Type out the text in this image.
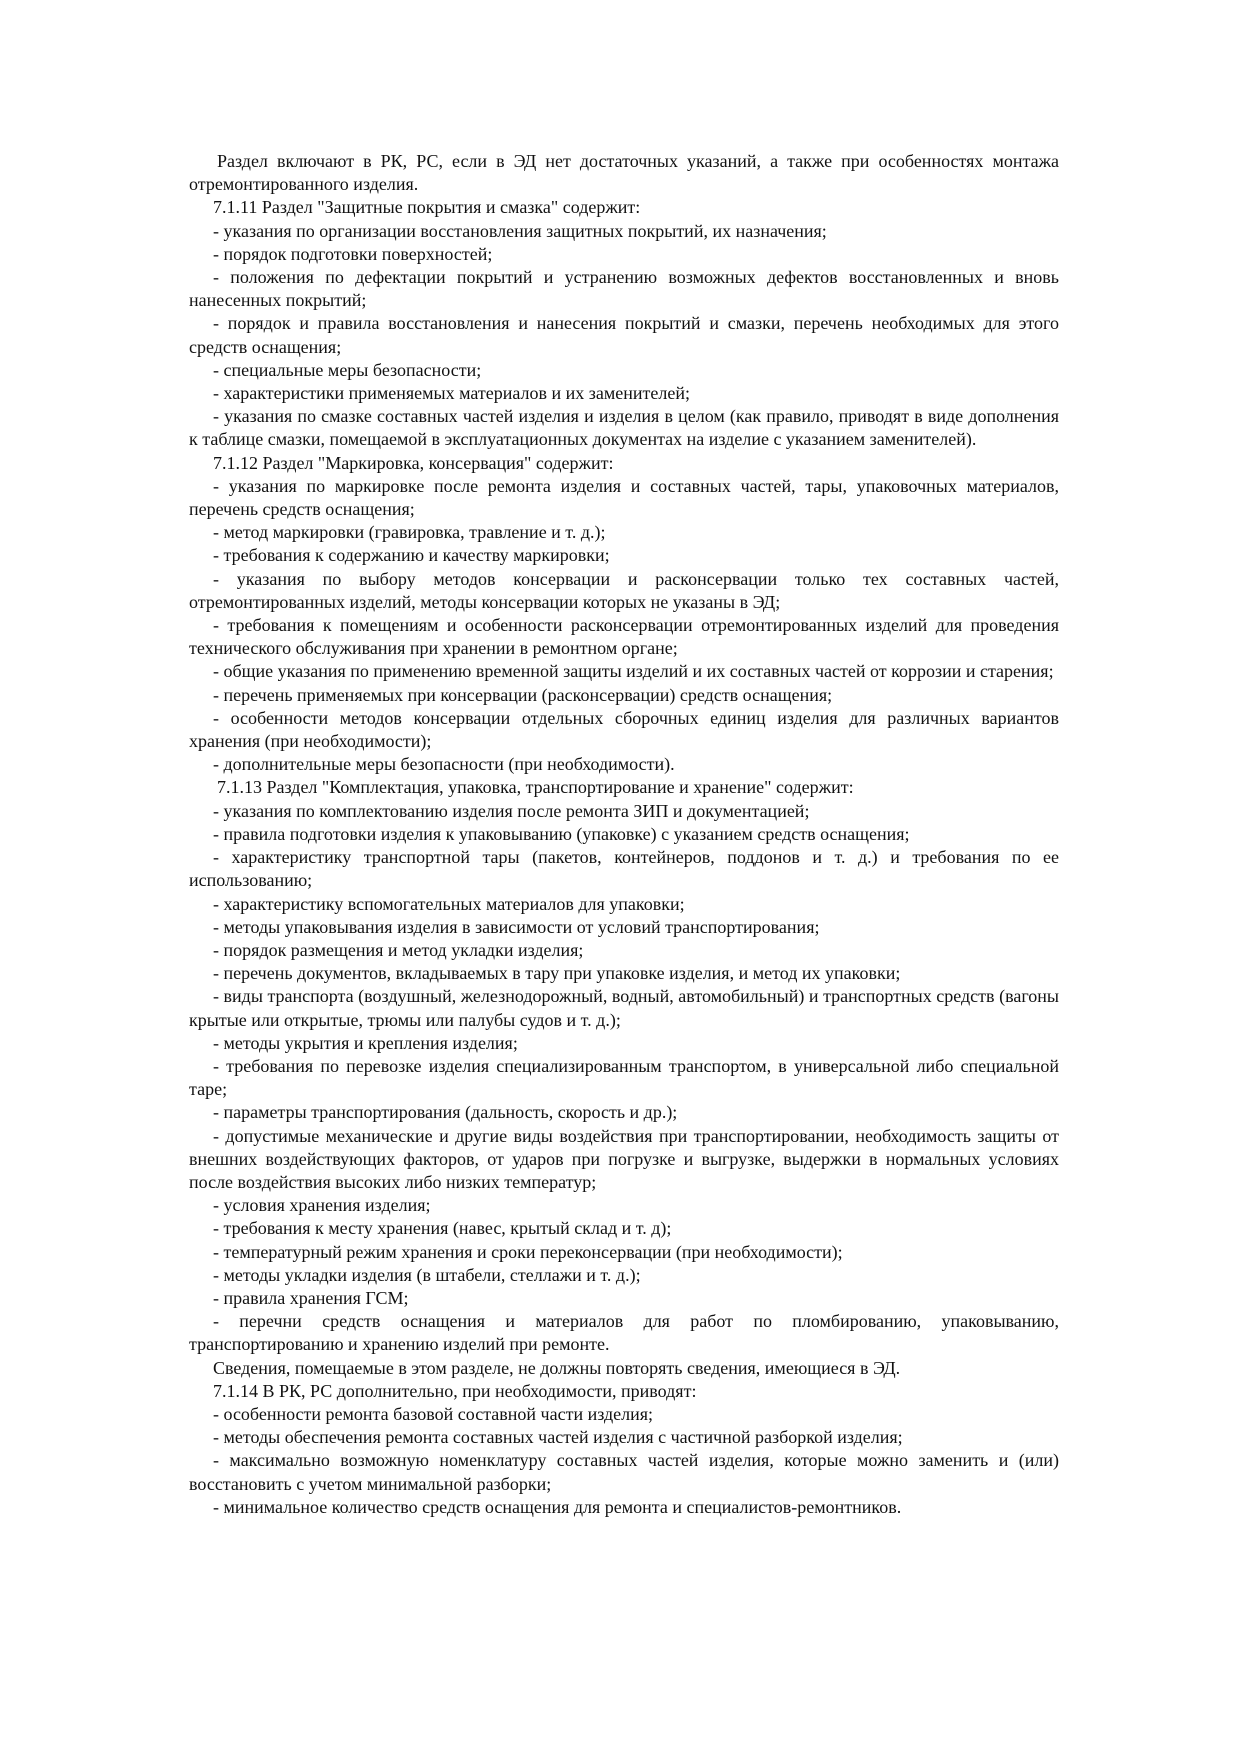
Раздел включают в РК, РС, если в ЭД нет достаточных указаний, а также при особенностях монтажа отремонтированного изделия.

7.1.11 Раздел "Защитные покрытия и смазка" содержит:

- указания по организации восстановления защитных покрытий, их назначения;

- порядок подготовки поверхностей;

- положения по дефектации покрытий и устранению возможных дефектов восстановленных и вновь нанесенных покрытий;

- порядок и правила восстановления и нанесения покрытий и смазки, перечень необходимых для этого средств оснащения;

- специальные меры безопасности;

- характеристики применяемых материалов и их заменителей;

- указания по смазке составных частей изделия и изделия в целом (как правило, приводят в виде дополнения к таблице смазки, помещаемой в эксплуатационных документах на изделие с указанием заменителей).

7.1.12 Раздел "Маркировка, консервация" содержит:

- указания по маркировке после ремонта изделия и составных частей, тары, упаковочных материалов, перечень средств оснащения;

- метод маркировки (гравировка, травление и т. д.);

- требования к содержанию и качеству маркировки;

- указания по выбору методов консервации и расконсервации только тех составных частей, отремонтированных изделий, методы консервации которых не указаны в ЭД;

- требования к помещениям и особенности расконсервации отремонтированных изделий для проведения технического обслуживания при хранении в ремонтном органе;

- общие указания по применению временной защиты изделий и их составных частей от коррозии и старения;

- перечень применяемых при консервации (расконсервации) средств оснащения;

- особенности методов консервации отдельных сборочных единиц изделия для различных вариантов хранения (при необходимости);

- дополнительные меры безопасности (при необходимости).

7.1.13 Раздел "Комплектация, упаковка, транспортирование и хранение" содержит:

- указания по комплектованию изделия после ремонта ЗИП и документацией;

- правила подготовки изделия к упаковыванию (упаковке) с указанием средств оснащения;

- характеристику транспортной тары (пакетов, контейнеров, поддонов и т. д.) и требования по ее использованию;

- характеристику вспомогательных материалов для упаковки;

- методы упаковывания изделия в зависимости от условий транспортирования;

- порядок размещения и метод укладки изделия;

- перечень документов, вкладываемых в тару при упаковке изделия, и метод их упаковки;

- виды транспорта (воздушный, железнодорожный, водный, автомобильный) и транспортных средств (вагоны крытые или открытые, трюмы или палубы судов и т. д.);

- методы укрытия и крепления изделия;

- требования по перевозке изделия специализированным транспортом, в универсальной либо специальной таре;

- параметры транспортирования (дальность, скорость и др.);

- допустимые механические и другие виды воздействия при транспортировании, необходимость защиты от внешних воздействующих факторов, от ударов при погрузке и выгрузке, выдержки в нормальных условиях после воздействия высоких либо низких температур;

- условия хранения изделия;

- требования к месту хранения (навес, крытый склад и т. д);

- температурный режим хранения и сроки переконсервации (при необходимости);

- методы укладки изделия (в штабели, стеллажи и т. д.);

- правила хранения ГСМ;

- перечни средств оснащения и материалов для работ по пломбированию, упаковыванию, транспортированию и хранению изделий при ремонте.

Сведения, помещаемые в этом разделе, не должны повторять сведения, имеющиеся в ЭД.

7.1.14 В РК, РС дополнительно, при необходимости, приводят:

- особенности ремонта базовой составной части изделия;

- методы обеспечения ремонта составных частей изделия с частичной разборкой изделия;

- максимально возможную номенклатуру составных частей изделия, которые можно заменить и (или) восстановить с учетом минимальной разборки;

- минимальное количество средств оснащения для ремонта и специалистов-ремонтников.
